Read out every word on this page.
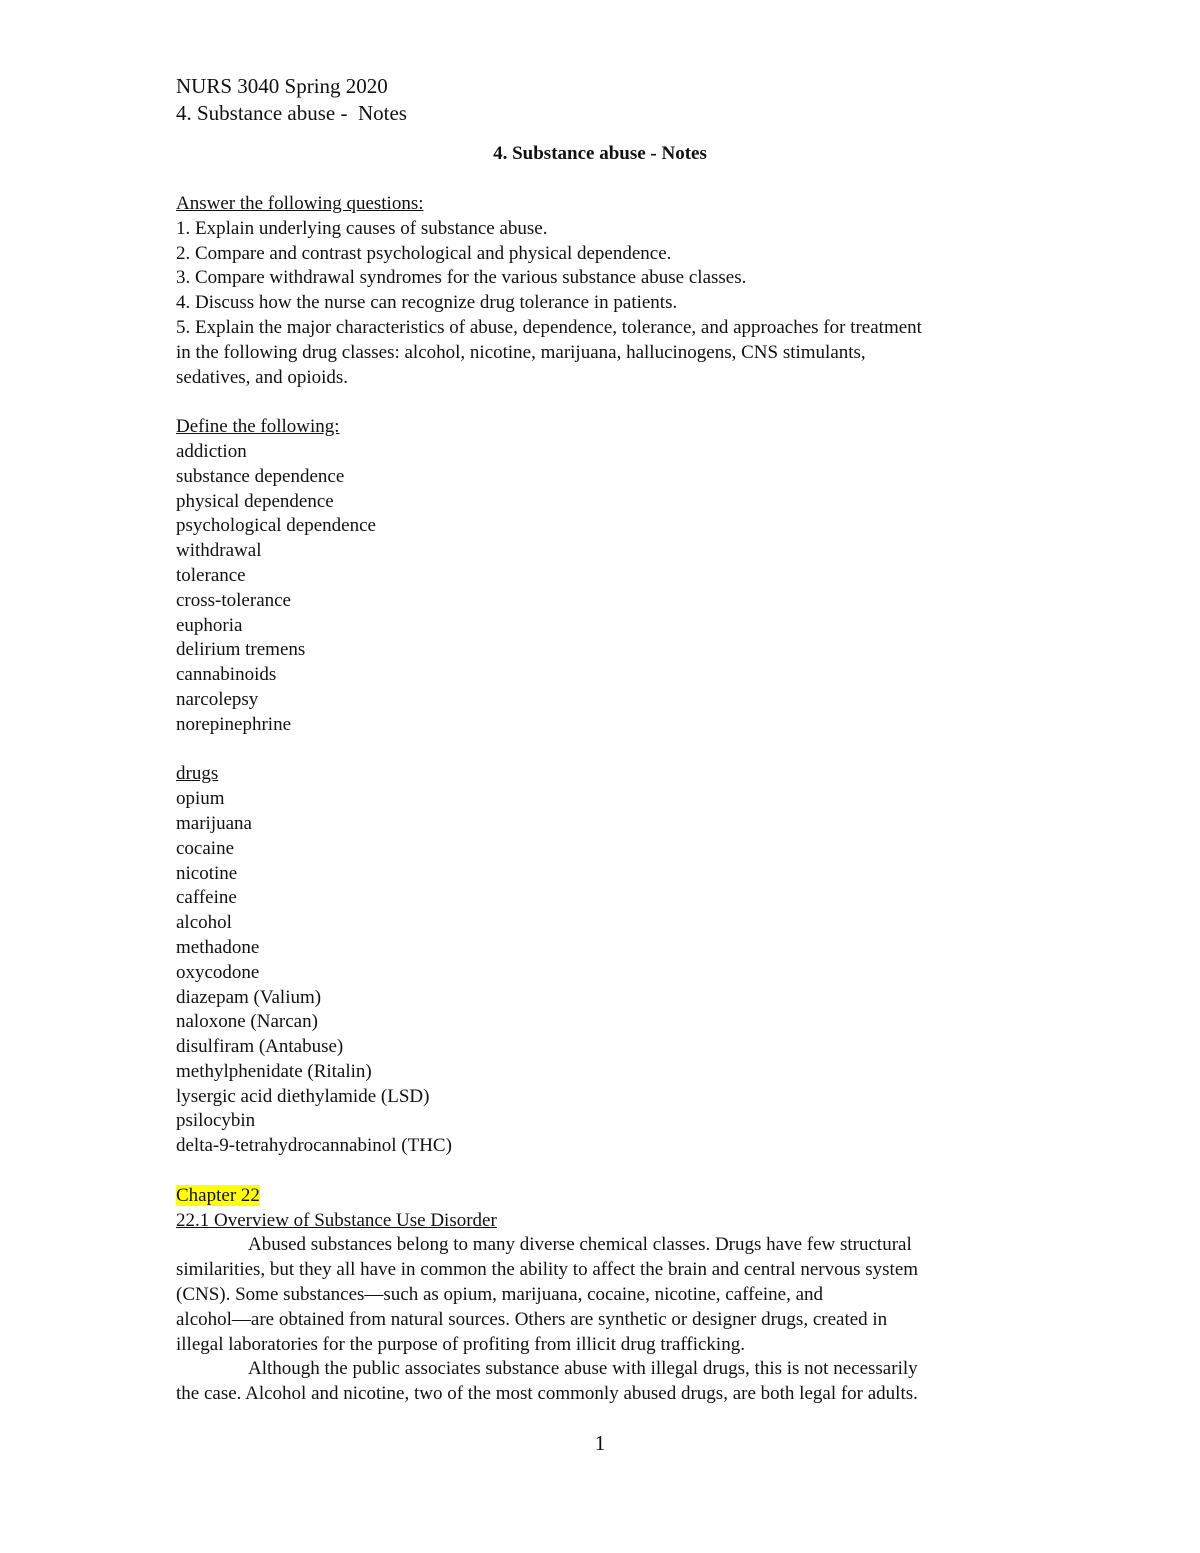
NURS 3040 Spring 2020
4. Substance abuse -  Notes
4. Substance abuse - Notes
Answer the following questions:
1. Explain underlying causes of substance abuse.
2. Compare and contrast psychological and physical dependence.
3. Compare withdrawal syndromes for the various substance abuse classes.
4. Discuss how the nurse can recognize drug tolerance in patients.
5. Explain the major characteristics of abuse, dependence, tolerance, and approaches for treatment
in the following drug classes: alcohol, nicotine, marijuana, hallucinogens, CNS stimulants,
sedatives, and opioids.
Define the following:
addiction
substance dependence
physical dependence
psychological dependence
withdrawal
tolerance
cross-tolerance
euphoria
delirium tremens
cannabinoids
narcolepsy
norepinephrine
drugs
opium
marijuana
cocaine
nicotine
caffeine
alcohol
methadone
oxycodone
diazepam (Valium)
naloxone (Narcan)
disulfiram (Antabuse)
methylphenidate (Ritalin)
lysergic acid diethylamide (LSD)
psilocybin
delta-9-tetrahydrocannabinol (THC)
Chapter 22
22.1 Overview of Substance Use Disorder
Abused substances belong to many diverse chemical classes. Drugs have few structural
similarities, but they all have in common the ability to affect the brain and central nervous system
(CNS). Some substances—such as opium, marijuana, cocaine, nicotine, caffeine, and
alcohol—are obtained from natural sources. Others are synthetic or designer drugs, created in
illegal laboratories for the purpose of profiting from illicit drug trafficking.
Although the public associates substance abuse with illegal drugs, this is not necessarily
the case. Alcohol and nicotine, two of the most commonly abused drugs, are both legal for adults.
1
